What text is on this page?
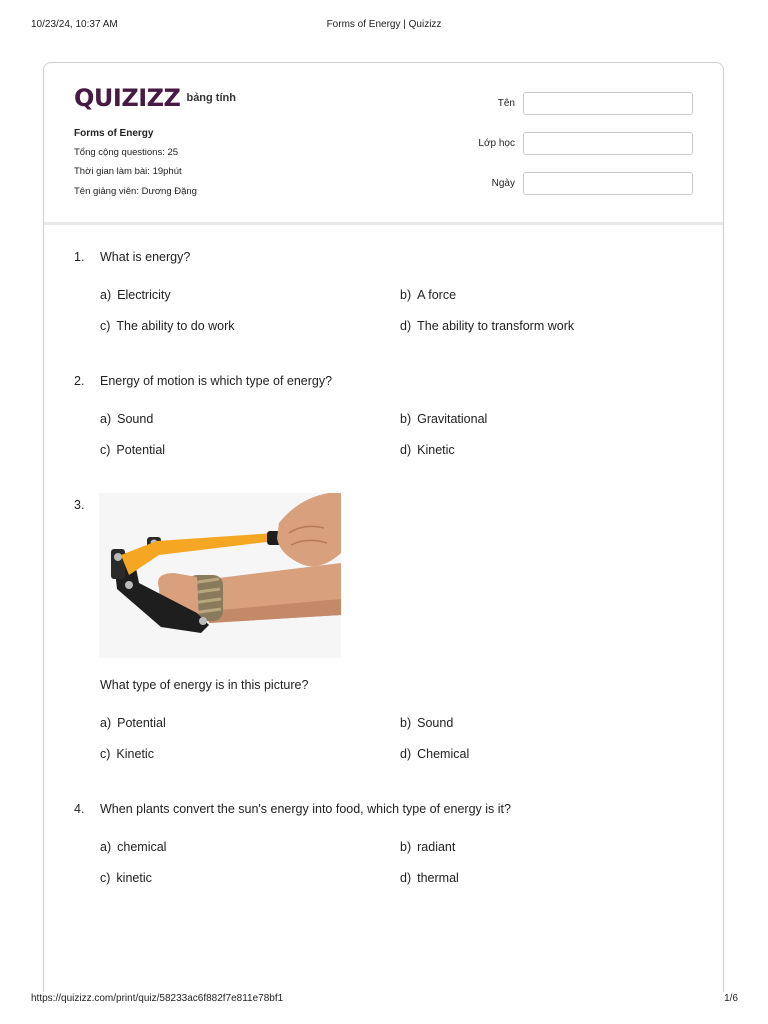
10/23/24, 10:37 AM	Forms of Energy | Quizizz
QUIZIZZ bảng tính
Forms of Energy
Tổng cộng questions: 25
Thời gian làm bài: 19phút
Tên giảng viên: Dương Đặng
Tên
Lớp học
Ngày
1. What is energy?
a) Electricity	b) A force
c) The ability to do work	d) The ability to transform work
2. Energy of motion is which type of energy?
a) Sound	b) Gravitational
c) Potential	d) Kinetic
3.
What type of energy is in this picture?
a) Potential	b) Sound
c) Kinetic	d) Chemical
4. When plants convert the sun's energy into food, which type of energy is it?
a) chemical	b) radiant
c) kinetic	d) thermal
https://quizizz.com/print/quiz/58233ac6f882f7e811e78bf1	1/6
